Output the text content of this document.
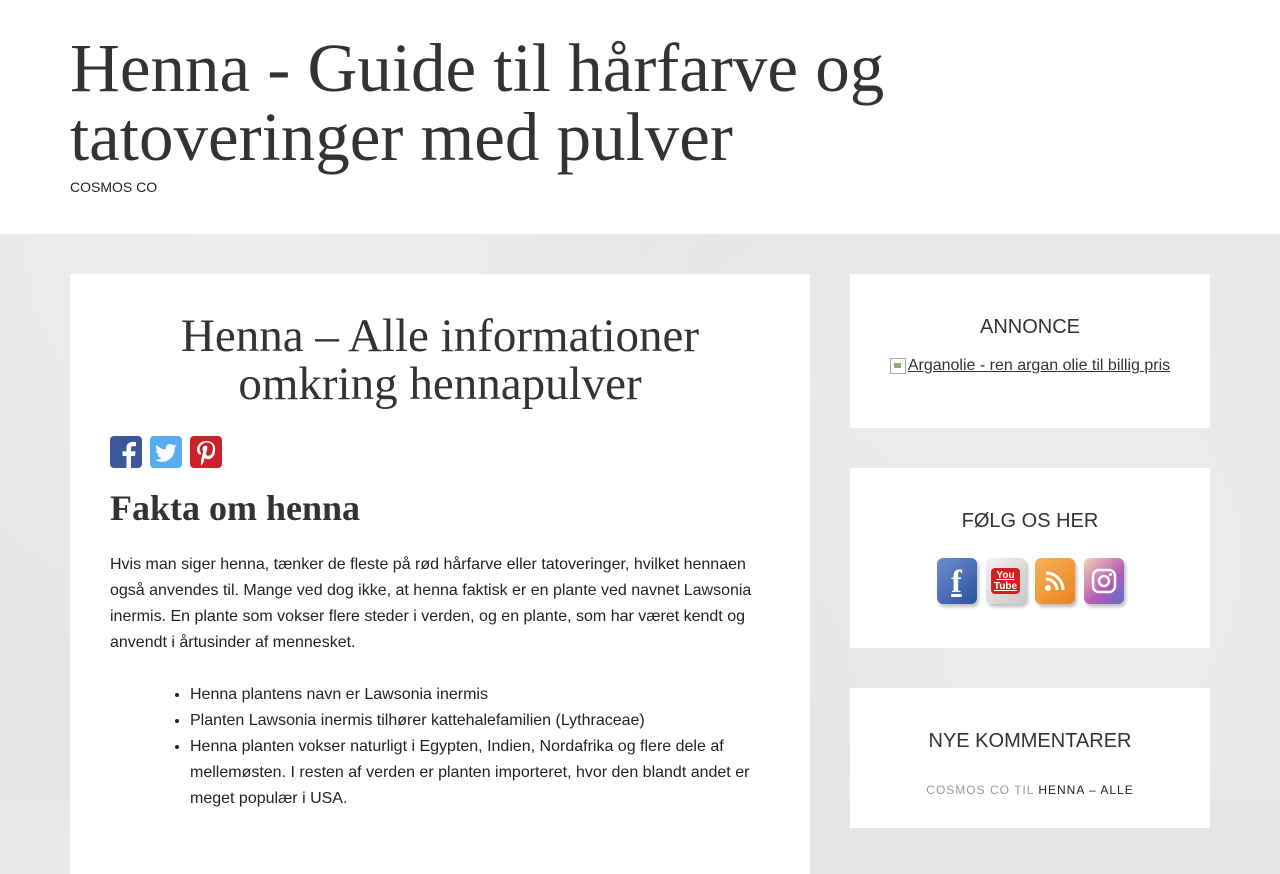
Henna - Guide til hårfarve og tatoveringer med pulver
COSMOS CO
Henna – Alle informationer omkring hennapulver
Fakta om henna

Hvis man siger henna, tænker de fleste på rød hårfarve eller tatoveringer, hvilket hennaen også anvendes til. Mange ved dog ikke, at henna faktisk er en plante ved navnet Lawsonia inermis. En plante som vokser flere steder i verden, og en plante, som har været kendt og anvendt i årtusinder af mennesket.

• Henna plantens navn er Lawsonia inermis
• Planten Lawsonia inermis tilhører kattehalefamilien (Lythraceae)
• Henna planten vokser naturligt i Egypten, Indien, Nordafrika og flere dele af mellemøsten. I resten af verden er planten importeret, hvor den blandt andet er meget populær i USA.
ANNONCE
Arganolie - ren argan olie til billig pris
FØLG OS HER
f	You
Tube
NYE KOMMENTARER
COSMOS CO TIL HENNA – ALLE
